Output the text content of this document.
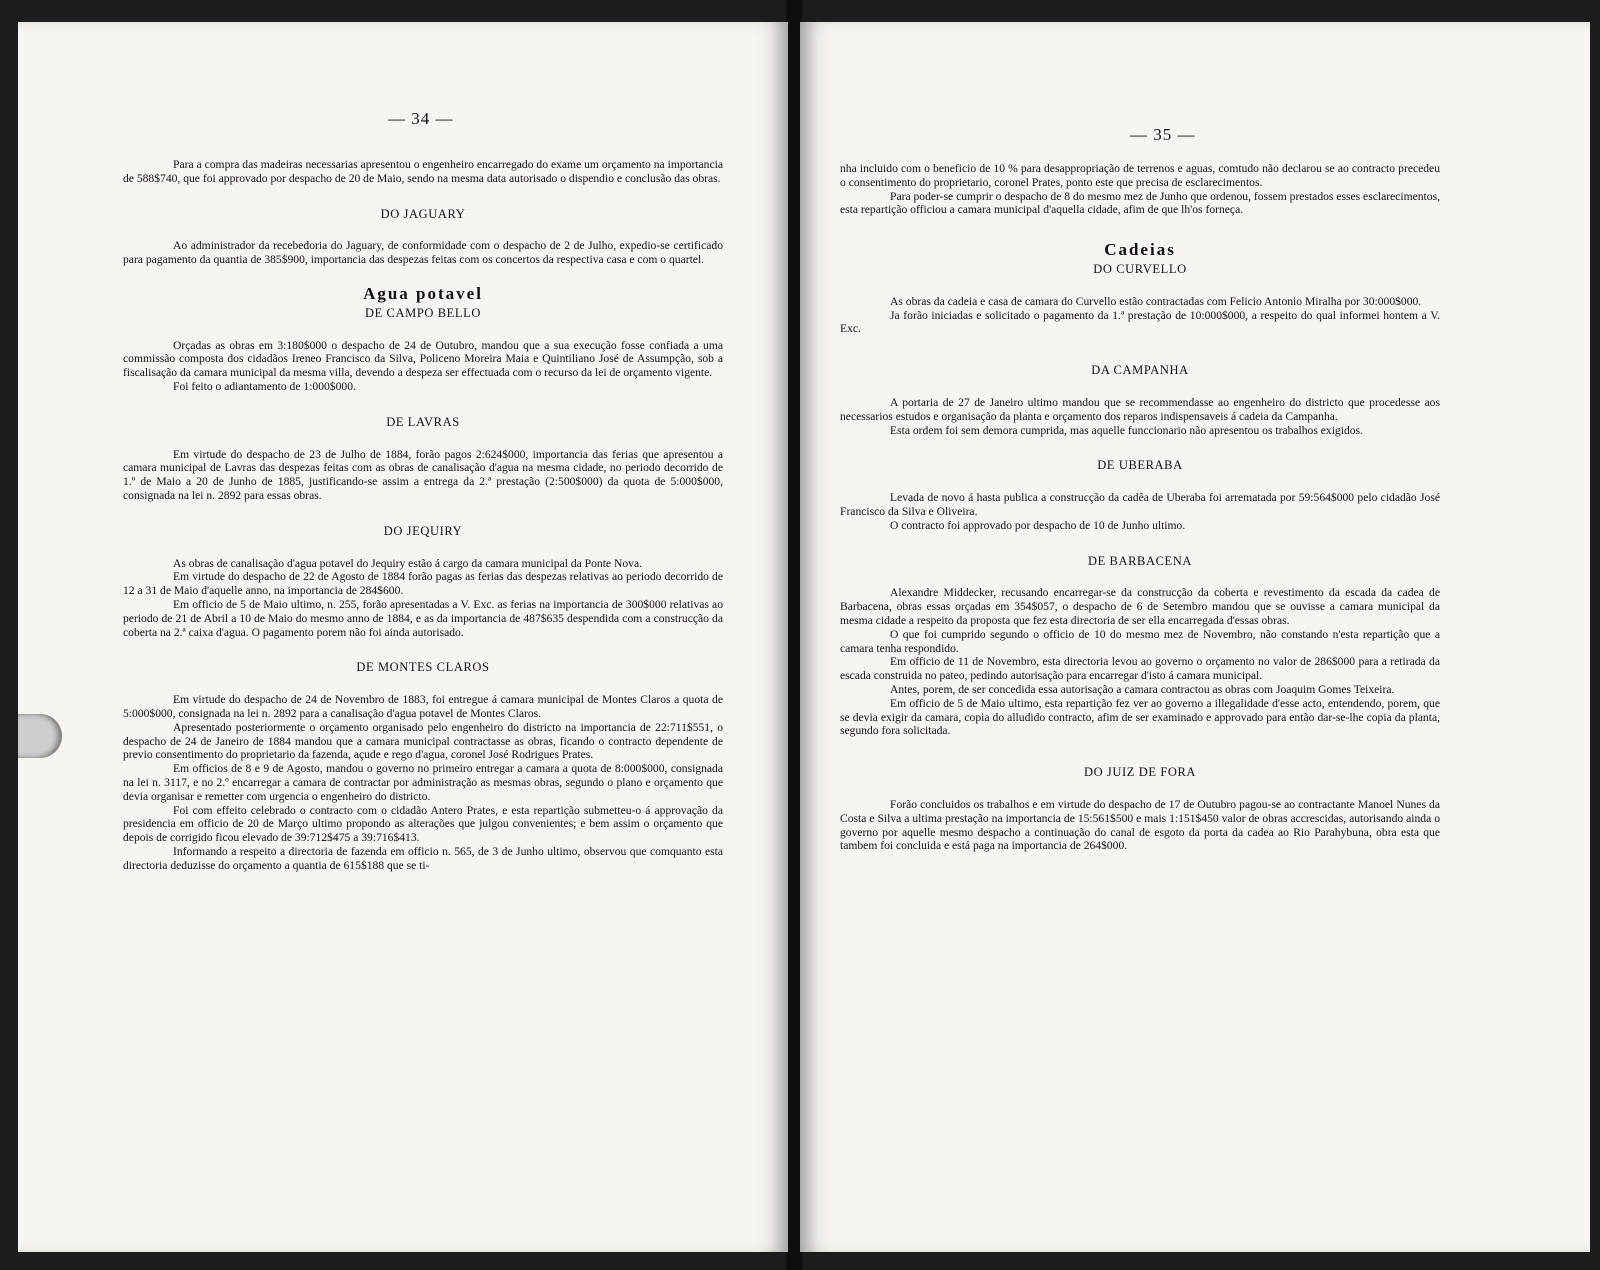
— 34 —

Para a compra das madeiras necessarias apresentou o engenheiro encarregado do exame um orçamento na importancia de 588$740, que foi approvado por despacho de 20 de Maio, sendo na mesma data autorisado o dispendio e conclusão das obras.

DO JAGUARY

Ao administrador da recebedoria do Jaguary, de conformidade com o despacho de 2 de Julho, expedio-se certificado para pagamento da quantia de 385$900, importancia das despezas feitas com os concertos da respectiva casa e com o quartel.

Agua potavel
DE CAMPO BELLO

Orçadas as obras em 3:180$000 o despacho de 24 de Outubro, mandou que a sua execução fosse confiada a uma commissão composta dos cidadãos Ireneo Francisco da Silva, Policeno Moreira Maia e Quintiliano José de Assumpção, sob a fiscalisação da camara municipal da mesma villa, devendo a despeza ser effectuada com o recurso da lei de orçamento vigente.

Foi feito o adiantamento de 1:000$000.

DE LAVRAS

Em virtude do despacho de 23 de Julho de 1884, forão pagos 2:624$000, importancia das ferias que apresentou a camara municipal de Lavras das despezas feitas com as obras de canalisação d'agua na mesma cidade, no periodo decorrido de 1.º de Maio a 20 de Junho de 1885, justificando-se assim a entrega da 2.ª prestação (2:500$000) da quota de 5:000$000, consignada na lei n. 2892 para essas obras.

DO JEQUIRY

As obras de canalisação d'agua potavel do Jequiry estão á cargo da camara municipal da Ponte Nova.

Em virtude do despacho de 22 de Agosto de 1884 forão pagas as ferias das despezas relativas ao periodo decorrido de 12 a 31 de Maio d'aquelle anno, na importancia de 284$600.

Em officio de 5 de Maio ultimo, n. 255, forão apresentadas a V. Exc. as ferias na importancia de 300$000 relativas ao periodo de 21 de Abril a 10 de Maio do mesmo anno de 1884, e as da importancia de 487$635 despendida com a construcção da coberta na 2.ª caixa d'agua. O pagamento porem não foi ainda autorisado.

DE MONTES CLAROS

Em virtude do despacho de 24 de Novembro de 1883, foi entregue á camara municipal de Montes Claros a quota de 5:000$000, consignada na lei n. 2892 para a canalisação d'agua potavel de Montes Claros.

Apresentado posteriormente o orçamento organisado pelo engenheiro do districto na importancia de 22:711$551, o despacho de 24 de Janeiro de 1884 mandou que a camara municipal contractasse as obras, ficando o contracto dependente de previo consentimento do proprietario da fazenda, açude e rego d'agua, coronel José Rodrigues Prates.

Em officios de 8 e 9 de Agosto, mandou o governo no primeiro entregar a camara a quota de 8:000$000, consignada na lei n. 3117, e no 2.º encarregar a camara de contractar por administração as mesmas obras, segundo o plano e orçamento que devia organisar e remetter com urgencia o engenheiro do districto.

Foi com effeito celebrado o contracto com o cidadão Antero Prates, e esta repartição submetteu-o á approvação da presidencia em officio de 20 de Março ultimo propondo as alterações que julgou convenientes; e bem assim o orçamento que depois de corrigido ficou elevado de 39:712$475 a 39:716$413.

Informando a respeito a directoria de fazenda em officio n. 565, de 3 de Junho ultimo, observou que comquanto esta directoria deduzisse do orçamento a quantia de 615$188 que se ti-

— 35 —

nha incluido com o beneficio de 10 % para desappropriação de terrenos e aguas, comtudo não declarou se ao contracto precedeu o consentimento do proprietario, coronel Prates, ponto este que precisa de esclarecimentos.

Para poder-se cumprir o despacho de 8 do mesmo mez de Junho que ordenou, fossem prestados esses esclarecimentos, esta repartição officiou a camara municipal d'aquella cidade, afim de que lh'os forneça.

Cadeias
DO CURVELLO

As obras da cadeia e casa de camara do Curvello estão contractadas com Felicio Antonio Miralha por 30:000$000.

Ja forão iniciadas e solicitado o pagamento da 1.ª prestação de 10:000$000, a respeito do qual informei hontem a V. Exc.

DA CAMPANHA

A portaria de 27 de Janeiro ultimo mandou que se recommendasse ao engenheiro do districto que procedesse aos necessarios estudos e organisação da planta e orçamento dos reparos indispensaveis á cadeia da Campanha.

Esta ordem foi sem demora cumprida, mas aquelle funccionario não apresentou os trabalhos exigidos.

DE UBERABA

Levada de novo á hasta publica a construcção da cadêa de Uberaba foi arrematada por 59:564$000 pelo cidadão José Francisco da Silva e Oliveira.

O contracto foi approvado por despacho de 10 de Junho ultimo.

DE BARBACENA

Alexandre Middecker, recusando encarregar-se da construcção da coberta e revestimento da escada da cadea de Barbacena, obras essas orçadas em 354$057, o despacho de 6 de Setembro mandou que se ouvisse a camara municipal da mesma cidade a respeito da proposta que fez esta directoria de ser ella encarregada d'essas obras.

O que foi cumprido segundo o officio de 10 do mesmo mez de Novembro, não constando n'esta repartição que a camara tenha respondido.

Em officio de 11 de Novembro, esta directoria levou ao governo o orçamento no valor de 286$000 para a retirada da escada construida no pateo, pedindo autorisação para encarregar d'isto á camara municipal.

Antes, porem, de ser concedida essa autorisação a camara contractou as obras com Joaquim Gomes Teixeira.

Em officio de 5 de Maio ultimo, esta repartição fez ver ao governo a illegalidade d'esse acto, entendendo, porem, que se devia exigir da camara, copia do alludido contracto, afim de ser examinado e approvado para então dar-se-lhe copia da planta, segundo fora solicitada.

DO JUIZ DE FORA

Forão concluidos os trabalhos e em virtude do despacho de 17 de Outubro pagou-se ao contractante Manoel Nunes da Costa e Silva a ultima prestação na importancia de 15:561$500 e mais 1:151$450 valor de obras accrescidas, autorisando ainda o governo por aquelle mesmo despacho a continuação do canal de esgoto da porta da cadea ao Rio Parahybuna, obra esta que tambem foi concluida e está paga na importancia de 264$000.
